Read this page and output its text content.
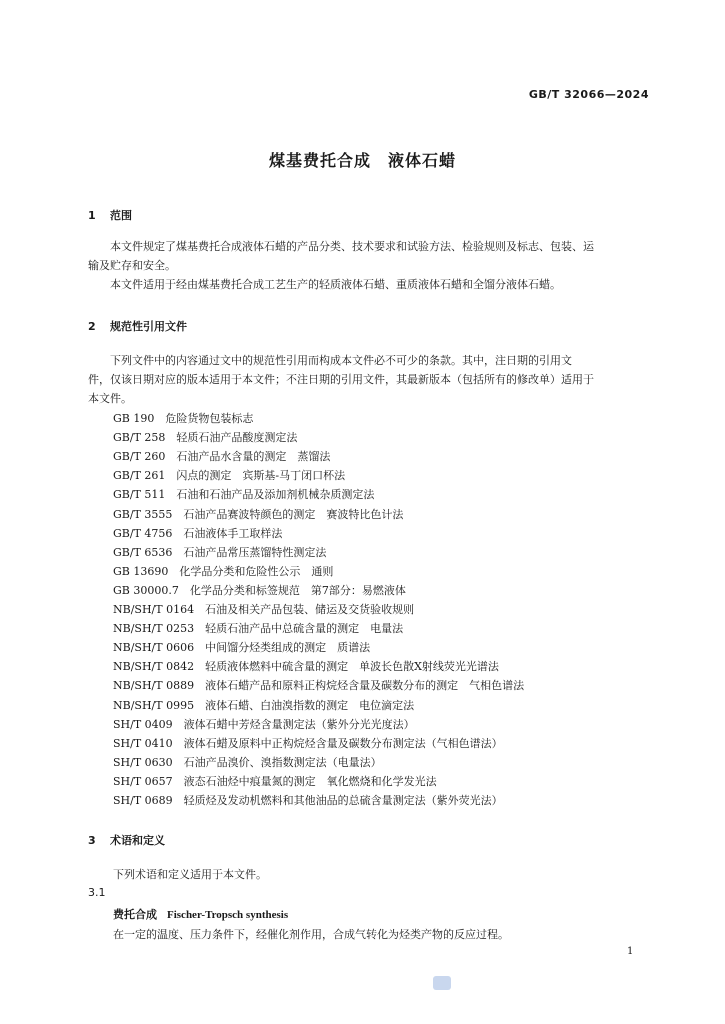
GB/T 32066—2024
煤基费托合成　液体石蜡
1 范围
本文件规定了煤基费托合成液体石蜡的产品分类、技术要求和试验方法、检验规则及标志、包装、运
输及贮存和安全。
本文件适用于经由煤基费托合成工艺生产的轻质液体石蜡、重质液体石蜡和全馏分液体石蜡。
2 规范性引用文件
下列文件中的内容通过文中的规范性引用而构成本文件必不可少的条款。其中，注日期的引用文
件，仅该日期对应的版本适用于本文件；不注日期的引用文件，其最新版本（包括所有的修改单）适用于
本文件。
GB 190　 危险货物包装标志
GB/T 258　 轻质石油产品酸度测定法
GB/T 260　 石油产品水含量的测定　蒸馏法
GB/T 261　 闪点的测定　宾斯基-马丁闭口杯法
GB/T 511　 石油和石油产品及添加剂机械杂质测定法
GB/T 3555　 石油产品赛波特颜色的测定　赛波特比色计法
GB/T 4756　 石油液体手工取样法
GB/T 6536　 石油产品常压蒸馏特性测定法
GB 13690　 化学品分类和危险性公示　通则
GB 30000.7　 化学品分类和标签规范　第7部分：易燃液体
NB/SH/T 0164　 石油及相关产品包装、储运及交货验收规则
NB/SH/T 0253　 轻质石油产品中总硫含量的测定　电量法
NB/SH/T 0606　 中间馏分烃类组成的测定　质谱法
NB/SH/T 0842　 轻质液体燃料中硫含量的测定　单波长色散X射线荧光光谱法
NB/SH/T 0889　 液体石蜡产品和原料正构烷烃含量及碳数分布的测定　气相色谱法
NB/SH/T 0995　 液体石蜡、白油溴指数的测定　电位滴定法
SH/T 0409　 液体石蜡中芳烃含量测定法（紫外分光光度法）
SH/T 0410　 液体石蜡及原料中正构烷烃含量及碳数分布测定法（气相色谱法）
SH/T 0630　 石油产品溴价、溴指数测定法（电量法）
SH/T 0657　 液态石油烃中痕量氮的测定　氧化燃烧和化学发光法
SH/T 0689　 轻质烃及发动机燃料和其他油品的总硫含量测定法（紫外荧光法）
3 术语和定义
下列术语和定义适用于本文件。
3.1
费托合成 Fischer-Tropsch synthesis
在一定的温度、压力条件下，经催化剂作用，合成气转化为烃类产物的反应过程。
1
